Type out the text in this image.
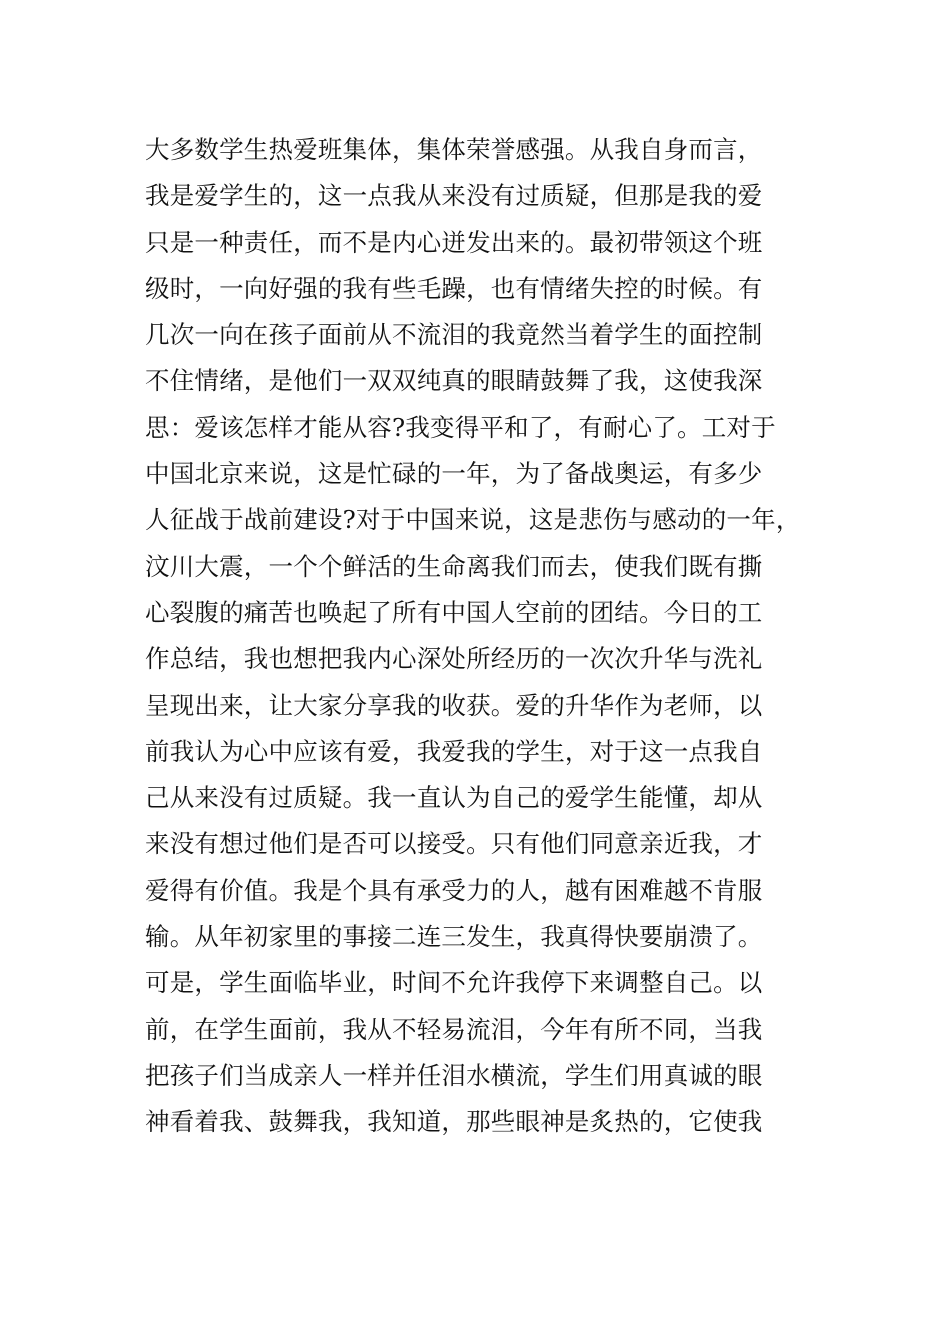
大多数学生热爱班集体，集体荣誉感强。从我自身而言，
我是爱学生的，这一点我从来没有过质疑，但那是我的爱
只是一种责任，而不是内心迸发出来的。最初带领这个班
级时，一向好强的我有些毛躁，也有情绪失控的时候。有
几次一向在孩子面前从不流泪的我竟然当着学生的面控制
不住情绪，是他们一双双纯真的眼睛鼓舞了我，这使我深
思：爱该怎样才能从容?我变得平和了，有耐心了。工对于
中国北京来说，这是忙碌的一年，为了备战奥运，有多少
人征战于战前建设?对于中国来说，这是悲伤与感动的一年，
汶川大震，一个个鲜活的生命离我们而去，使我们既有撕
心裂腹的痛苦也唤起了所有中国人空前的团结。今日的工
作总结，我也想把我内心深处所经历的一次次升华与洗礼
呈现出来，让大家分享我的收获。爱的升华作为老师，以
前我认为心中应该有爱，我爱我的学生，对于这一点我自
己从来没有过质疑。我一直认为自己的爱学生能懂，却从
来没有想过他们是否可以接受。只有他们同意亲近我，才
爱得有价值。我是个具有承受力的人，越有困难越不肯服
输。从年初家里的事接二连三发生，我真得快要崩溃了。
可是，学生面临毕业，时间不允许我停下来调整自己。以
前，在学生面前，我从不轻易流泪，今年有所不同，当我
把孩子们当成亲人一样并任泪水横流，学生们用真诚的眼
神看着我、鼓舞我，我知道，那些眼神是炙热的，它使我
